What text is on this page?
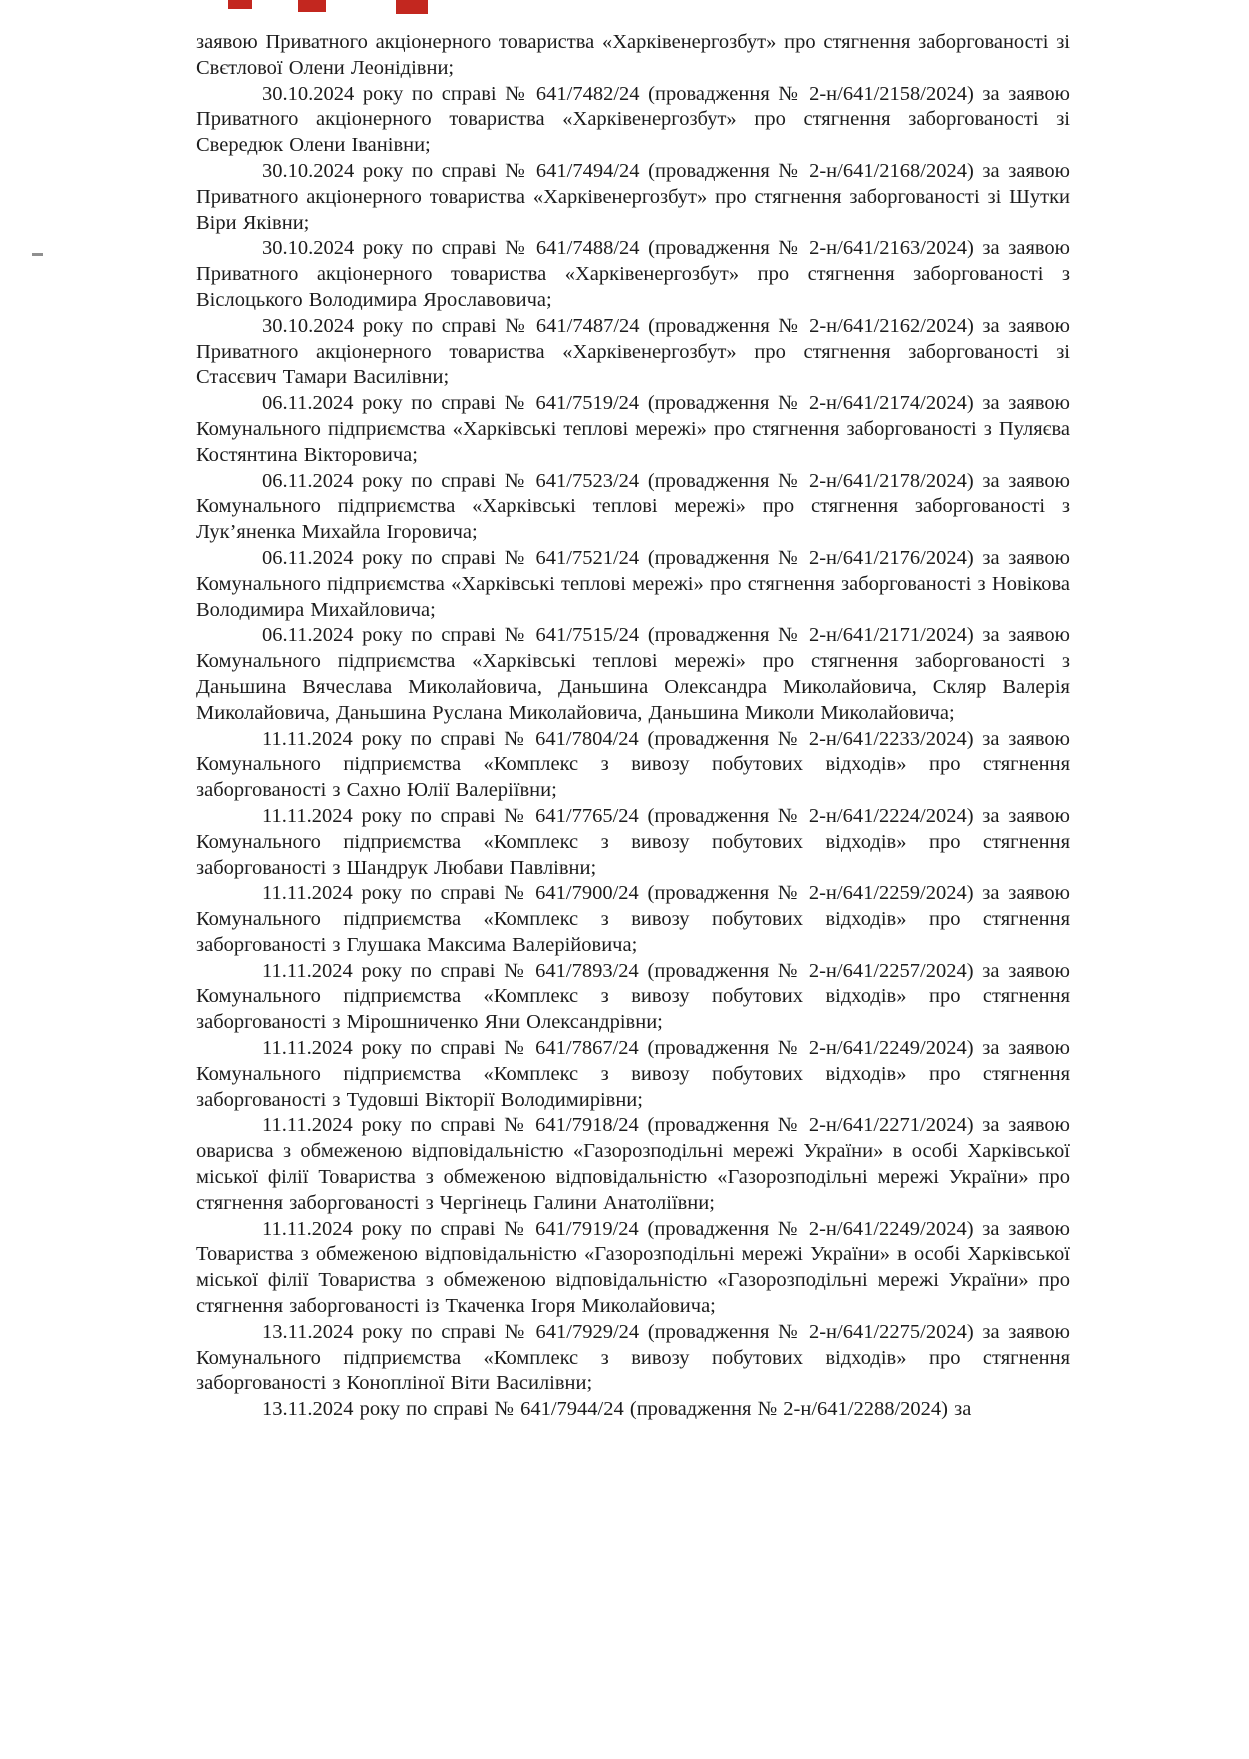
заявою Приватного акціонерного товариства «Харківенергозбут» про стягнення заборгованості зі Свєтлової Олени Леонідівни;

30.10.2024 року по справі № 641/7482/24 (провадження № 2-н/641/2158/2024) за заявою Приватного акціонерного товариства «Харківенергозбут» про стягнення заборгованості зі Свередюк Олени Іванівни;

30.10.2024 року по справі № 641/7494/24 (провадження № 2-н/641/2168/2024) за заявою Приватного акціонерного товариства «Харківенергозбут» про стягнення заборгованості зі Шутки Віри Яківни;

30.10.2024 року по справі № 641/7488/24 (провадження № 2-н/641/2163/2024) за заявою Приватного акціонерного товариства «Харківенергозбут» про стягнення заборгованості з Віслоцького Володимира Ярославовича;

30.10.2024 року по справі № 641/7487/24 (провадження № 2-н/641/2162/2024) за заявою Приватного акціонерного товариства «Харківенергозбут» про стягнення заборгованості зі Стасєвич Тамари Василівни;

06.11.2024 року по справі № 641/7519/24 (провадження № 2-н/641/2174/2024) за заявою Комунального підприємства «Харківські теплові мережі» про стягнення заборгованості з Пуляєва Костянтина Вікторовича;

06.11.2024 року по справі № 641/7523/24 (провадження № 2-н/641/2178/2024) за заявою Комунального підприємства «Харківські теплові мережі» про стягнення заборгованості з Лук’яненка Михайла Ігоровича;

06.11.2024 року по справі № 641/7521/24 (провадження № 2-н/641/2176/2024) за заявою Комунального підприємства «Харківські теплові мережі» про стягнення заборгованості з Новікова Володимира Михайловича;

06.11.2024 року по справі № 641/7515/24 (провадження № 2-н/641/2171/2024) за заявою Комунального підприємства «Харківські теплові мережі» про стягнення заборгованості з Даньшина Вячеслава Миколайовича, Даньшина Олександра Миколайовича, Скляр Валерія Миколайовича, Даньшина Руслана Миколайовича, Даньшина Миколи Миколайовича;

11.11.2024 року по справі № 641/7804/24 (провадження № 2-н/641/2233/2024) за заявою Комунального підприємства «Комплекс з вивозу побутових відходів» про стягнення заборгованості з Сахно Юлії Валеріївни;

11.11.2024 року по справі № 641/7765/24 (провадження № 2-н/641/2224/2024) за заявою Комунального підприємства «Комплекс з вивозу побутових відходів» про стягнення заборгованості з Шандрук Любави Павлівни;

11.11.2024 року по справі № 641/7900/24 (провадження № 2-н/641/2259/2024) за заявою Комунального підприємства «Комплекс з вивозу побутових відходів» про стягнення заборгованості з Глушака Максима Валерійовича;

11.11.2024 року по справі № 641/7893/24 (провадження № 2-н/641/2257/2024) за заявою Комунального підприємства «Комплекс з вивозу побутових відходів» про стягнення заборгованості з Мірошниченко Яни Олександрівни;

11.11.2024 року по справі № 641/7867/24 (провадження № 2-н/641/2249/2024) за заявою Комунального підприємства «Комплекс з вивозу побутових відходів» про стягнення заборгованості з Тудовші Вікторії Володимирівни;

11.11.2024 року по справі № 641/7918/24 (провадження № 2-н/641/2271/2024) за заявою оварисва з обмеженою відповідальністю «Газорозподільні мережі України» в особі Харківської міської філії Товариства з обмеженою відповідальністю «Газорозподільні мережі України» про стягнення заборгованості з Чергінець Галини Анатоліївни;

11.11.2024 року по справі № 641/7919/24 (провадження № 2-н/641/2249/2024) за заявою Товариства з обмеженою відповідальністю «Газорозподільні мережі України» в особі Харківської міської філії Товариства з обмеженою відповідальністю «Газорозподільні мережі України» про стягнення заборгованості із Ткаченка Ігоря Миколайовича;

13.11.2024 року по справі № 641/7929/24 (провадження № 2-н/641/2275/2024) за заявою Комунального підприємства «Комплекс з вивозу побутових відходів» про стягнення заборгованості з Конопліної Віти Василівни;

13.11.2024 року по справі № 641/7944/24 (провадження № 2-н/641/2288/2024) за
